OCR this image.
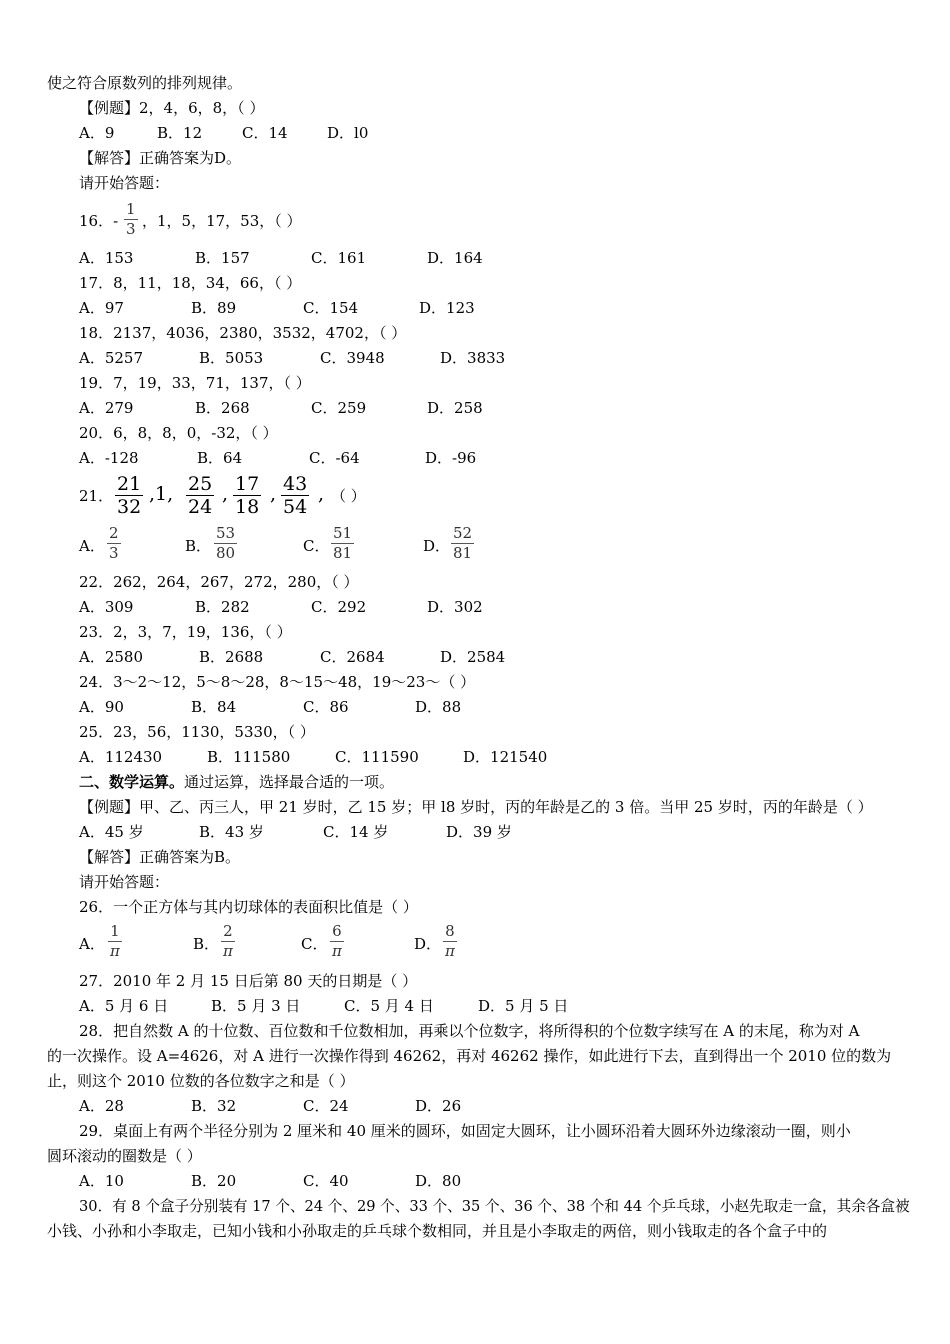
使之符合原数列的排列规律。
【例题】2，4，6，8，（ ）
A．9	B．12	C．14	D．l0
【解答】正确答案为D。
请开始答题：
16．- $\frac{1}{3}$ ，1，5，17，53，（ ）
A．153	B．157	C．161	D．164
17．8，11，18，34，66，（ ）
A．97	B．89	C．154	D．123
18．2137，4036，2380，3532，4702，（ ）
A．5257	B．5053	C．3948	D．3833
19．7，19，33，71，137，（ ）
A．279	B．268	C．259	D．258
20．6，8，8，0，-32，（ ）
A．-128	B．64	C．-64	D．-96
21． $\frac{21}{32} ,1$, $\frac{25}{24}$ , $\frac{17}{18}$ , $\frac{43}{54}$ , （ ）
A． $\frac{2}{3}$	B． $\frac{53}{80}$	C． $\frac{51}{81}$	D． $\frac{52}{81}$
22．262，264，267，272，280，（ ）
A．309	B．282	C．292	D．302
23．2，3，7，19，136，（ ）
A．2580	B．2688	C．2684	D．2584
24．3～2～12，5～8～28，8～15～48，19～23～（ ）
A．90	B．84	C．86	D．88
25．23，56，1130，5330，（ ）
A．112430	B．111580	C．111590	D．121540
二、数学运算。通过运算，选择最合适的一项。
【例题】甲、乙、丙三人，甲 21 岁时，乙 15 岁；甲 l8 岁时，丙的年龄是乙的 3 倍。当甲 25 岁时，丙的年龄是（ ）
A．45 岁	B．43 岁	C．14 岁	D．39 岁
【解答】正确答案为B。
请开始答题：
26．一个正方体与其内切球体的表面积比值是（ ）
A． $\frac{1}{\pi}$	B． $\frac{2}{\pi}$	C． $\frac{6}{\pi}$	D． $\frac{8}{\pi}$
27．2010 年 2 月 15 日后第 80 天的日期是（ ）
A．5 月 6 日	B．5 月 3 日	C．5 月 4 日	D．5 月 5 日
28．把自然数 A 的十位数、百位数和千位数相加，再乘以个位数字，将所得积的个位数字续写在 A 的末尾，称为对 A
的一次操作。设 A=4626，对 A 进行一次操作得到 46262，再对 46262 操作，如此进行下去，直到得出一个 2010 位的数为
止，则这个 2010 位数的各位数字之和是（ ）
A．28	B．32	C．24	D．26
29．桌面上有两个半径分别为 2 厘米和 40 厘米的圆环，如固定大圆环，让小圆环沿着大圆环外边缘滚动一圈，则小
圆环滚动的圈数是（ ）
A．10	B．20	C．40	D．80
30．有 8 个盒子分别装有 17 个、24 个、29 个、33 个、35 个、36 个、38 个和 44 个乒乓球，小赵先取走一盒，其余各盒被
小钱、小孙和小李取走，已知小钱和小孙取走的乒乓球个数相同，并且是小李取走的两倍，则小钱取走的各个盒子中的
